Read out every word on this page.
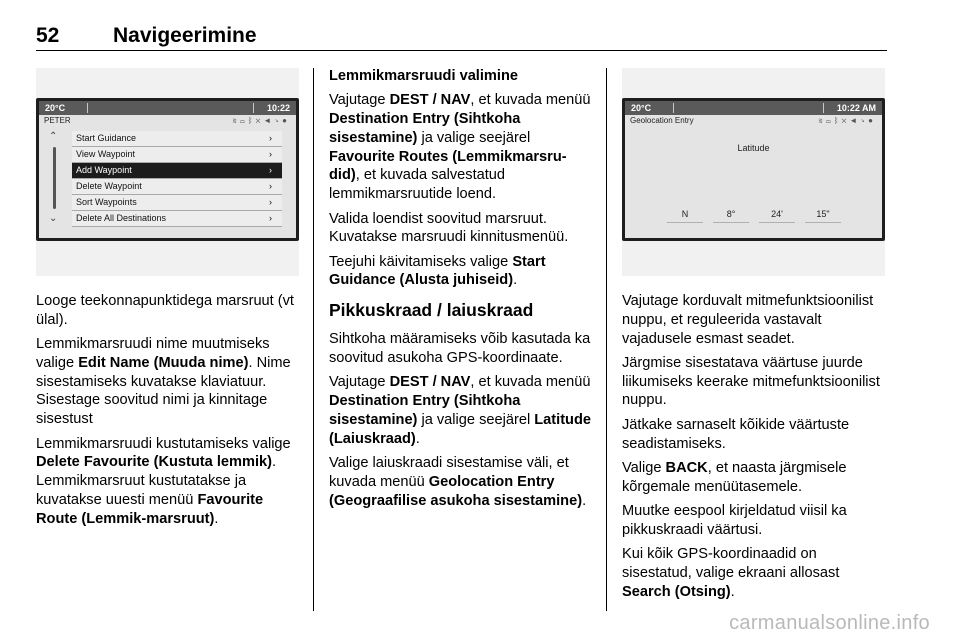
52	Navigeerimine
20°C	10:22
PETER	≋▭ᛒ✕◄↘●
⌃
⌄
Start Guidance	›
View Waypoint	›
Add Waypoint	›
Delete Waypoint	›
Sort Waypoints	›
Delete All Destinations	›
20°C	10:22 AM
Geolocation Entry	≋▭ᛒ✕◄↘●
Latitude
N	8°	24'	15"

Looge teekonnapunktidega marsruut (vt ülal).

Lemmikmarsruudi nime muutmiseks valige Edit Name (Muuda nime). Nime sisestamiseks kuvatakse klaviatuur. Sisestage soovitud nimi ja kinnitage sisestust

Lemmikmarsruudi kustutamiseks valige Delete Favourite (Kustuta lemmik). Lemmikmarsruut kustutatakse ja kuvatakse uuesti menüü Favourite Route (Lemmik-marsruut).

Lemmikmarsruudi valimine

Vajutage DEST / NAV, et kuvada menüü Destination Entry (Sihtkoha sisestamine) ja valige seejärel Favourite Routes (Lemmikmarsru-did), et kuvada salvestatud lemmikmarsruutide loend.

Valida loendist soovitud marsruut. Kuvatakse marsruudi kinnitusmenüü.

Teejuhi käivitamiseks valige Start Guidance (Alusta juhiseid).

Pikkuskraad / laiuskraad

Sihtkoha määramiseks võib kasutada ka soovitud asukoha GPS-koordinaate.

Vajutage DEST / NAV, et kuvada menüü Destination Entry (Sihtkoha sisestamine) ja valige seejärel Latitude (Laiuskraad).

Valige laiuskraadi sisestamise väli, et kuvada menüü Geolocation Entry (Geograafilise asukoha sisestamine).

Vajutage korduvalt mitmefunktsioonilist nuppu, et reguleerida vastavalt vajadusele esmast seadet.

Järgmise sisestatava väärtuse juurde liikumiseks keerake mitmefunktsioonilist nuppu.

Jätkake sarnaselt kõikide väärtuste seadistamiseks.

Valige BACK, et naasta järgmisele kõrgemale menüütasemele.

Muutke eespool kirjeldatud viisil ka pikkuskraadi väärtusi.

Kui kõik GPS-koordinaadid on sisestatud, valige ekraani allosast Search (Otsing).

carmanualsonline.info
